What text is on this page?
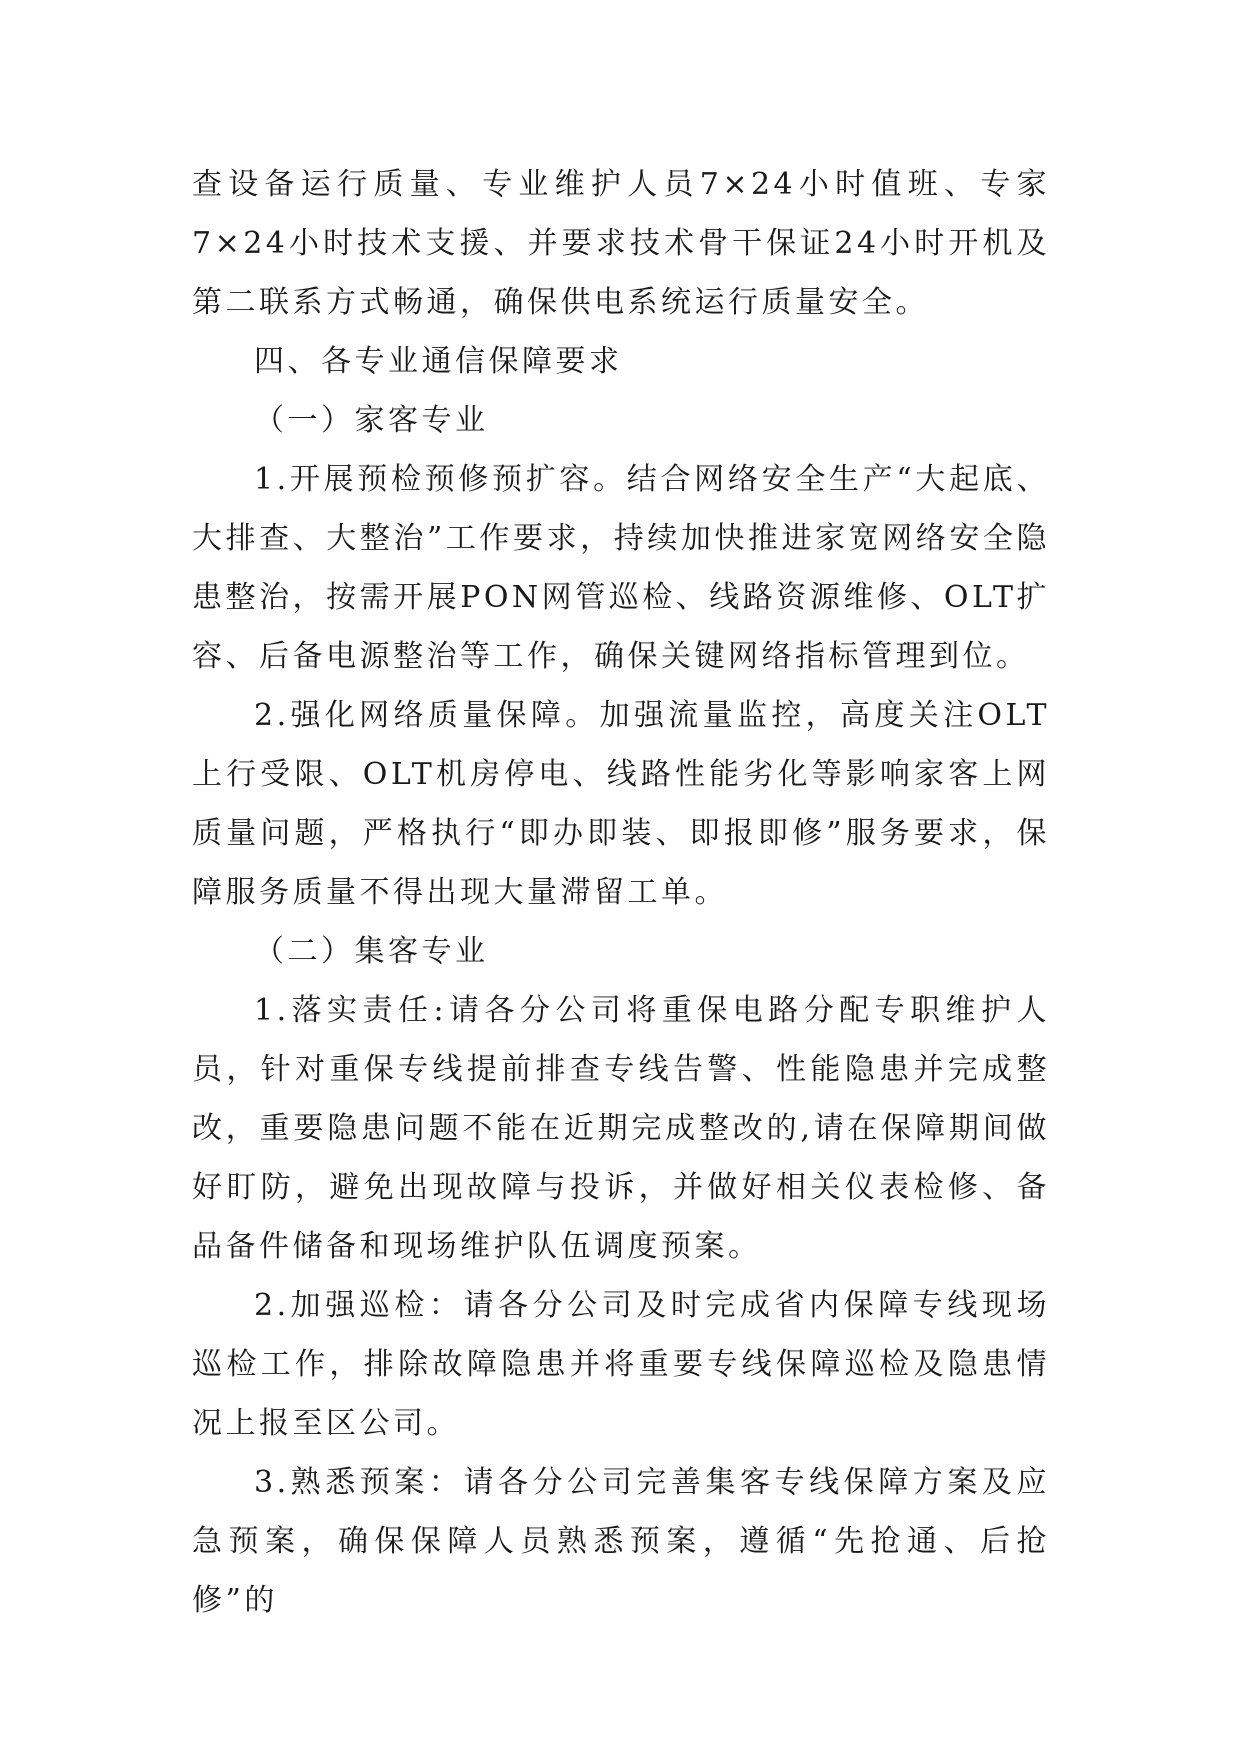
查设备运行质量、专业维护人员7×24小时值班、专家7×24小时技术支援、并要求技术骨干保证24小时开机及第二联系方式畅通，确保供电系统运行质量安全。

四、各专业通信保障要求

（一）家客专业

1.开展预检预修预扩容。结合网络安全生产“大起底、大排查、大整治”工作要求，持续加快推进家宽网络安全隐患整治，按需开展PON网管巡检、线路资源维修、OLT扩容、后备电源整治等工作，确保关键网络指标管理到位。

2.强化网络质量保障。加强流量监控，高度关注OLT上行受限、OLT机房停电、线路性能劣化等影响家客上网质量问题，严格执行“即办即装、即报即修”服务要求，保障服务质量不得出现大量滞留工单。

（二）集客专业

1.落实责任:请各分公司将重保电路分配专职维护人员，针对重保专线提前排查专线告警、性能隐患并完成整改，重要隐患问题不能在近期完成整改的,请在保障期间做好盯防，避免出现故障与投诉，并做好相关仪表检修、备品备件储备和现场维护队伍调度预案。

2.加强巡检：请各分公司及时完成省内保障专线现场巡检工作，排除故障隐患并将重要专线保障巡检及隐患情况上报至区公司。

3.熟悉预案：请各分公司完善集客专线保障方案及应急预案，确保保障人员熟悉预案，遵循“先抢通、后抢修”的
